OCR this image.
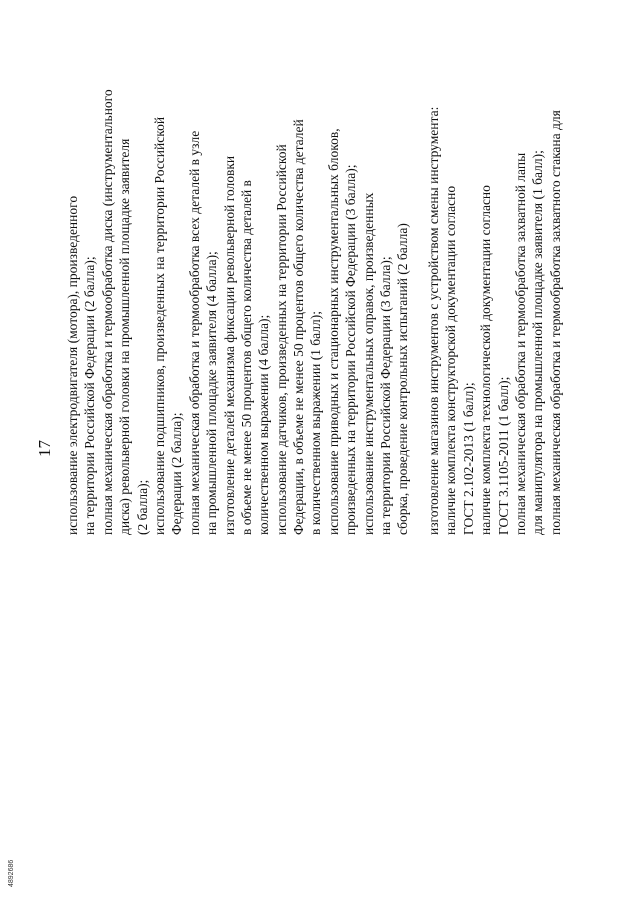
17 использование электродвигателя (мотора), произведенного на территории Российской Федерации (2 балла); полная механическая обработка и термообработка диска (инструментального диска) револьверной головки на промышленной площадке заявителя (2 балла); использование подшипников, произведенных на территории Российской Федерации (2 балла); полная механическая обработка и термообработка всех деталей в узле на промышленной площадке заявителя (4 балла); изготовление деталей механизма фиксации револьверной головки в объеме не менее 50 процентов общего количества деталей в количественном выражении (4 балла); использование датчиков, произведенных на территории Российской Федерации, в объеме не менее 50 процентов общего количества деталей в количественном выражении (1 балл); использование приводных и стационарных инструментальных блоков, произведенных на территории Российской Федерации (3 балла); использование инструментальных оправок, произведенных на территории Российской Федерации (3 балла); сборка, проведение контрольных испытаний (2 балла) изготовление магазинов инструментов с устройством смены инструмента: наличие комплекта конструкторской документации согласно ГОСТ 2.102-2013 (1 балл); наличие комплекта технологической документации согласно ГОСТ 3.1105-2011 (1 балл); полная механическая обработка и термообработка захватной лапы для манипулятора на промышленной площадке заявителя (1 балл); полная механическая обработка и термообработка захватного стакана для
4892686
